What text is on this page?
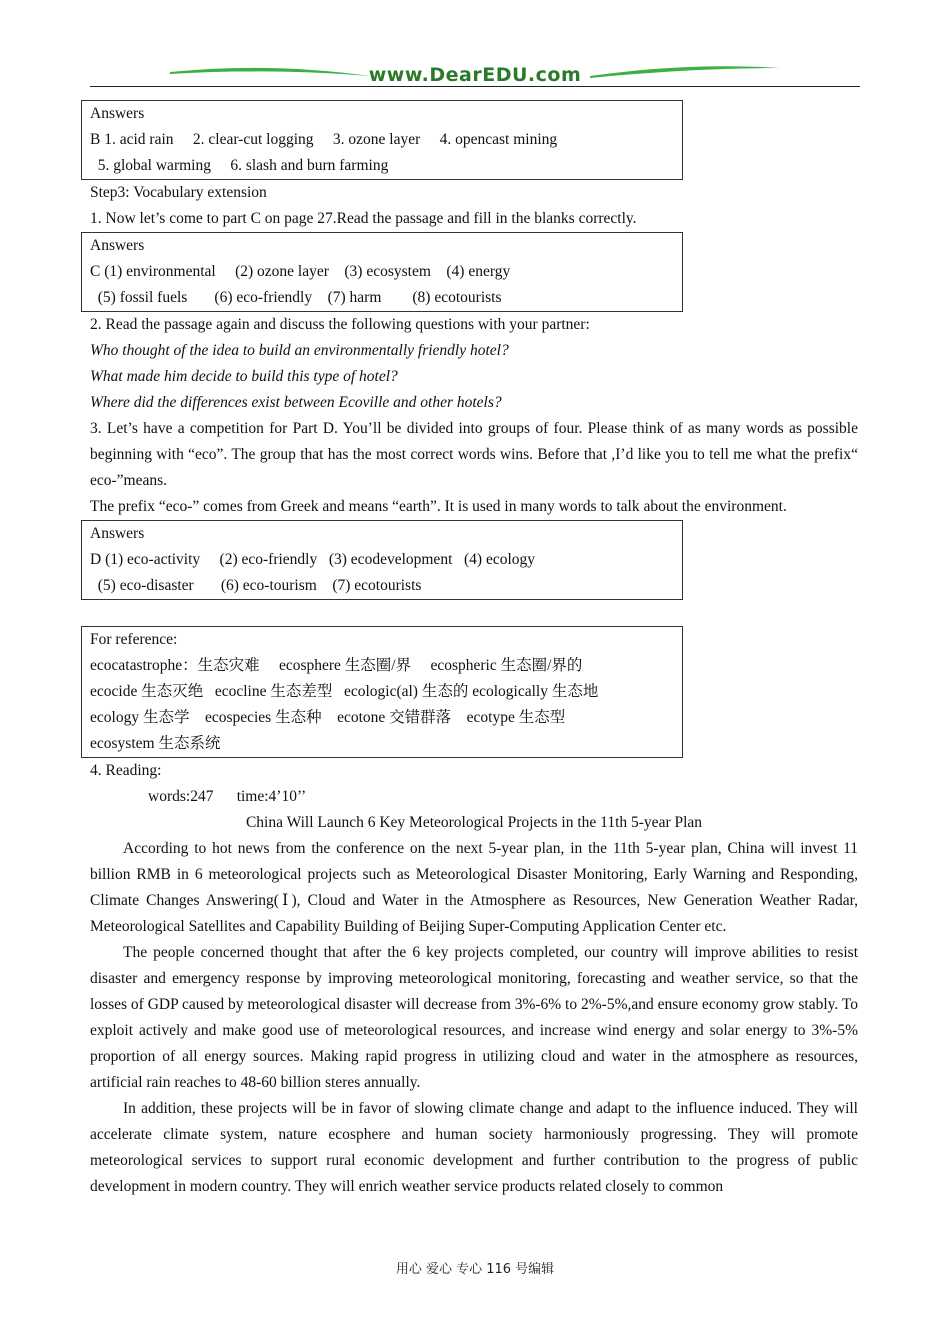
www.DearEDU.com
Answers
B 1. acid rain     2. clear-cut logging     3. ozone layer     4. opencast mining
5. global warming     6. slash and burn farming
Step3: Vocabulary extension
1. Now let’s come to part C on page 27.Read the passage and fill in the blanks correctly.
Answers
C (1) environmental     (2) ozone layer    (3) ecosystem    (4) energy
(5) fossil fuels       (6) eco-friendly    (7) harm        (8) ecotourists
2. Read the passage again and discuss the following questions with your partner:
Who thought of the idea to build an environmentally friendly hotel?
What made him decide to build this type of hotel?
Where did the differences exist between Ecoville and other hotels?
3. Let’s have a competition for Part D. You’ll be divided into groups of four. Please think of as many words as possible beginning with “eco”. The group that has the most correct words wins. Before that ,I’d like you to tell me what the prefix“ eco-”means.
The prefix “eco-” comes from Greek and means “earth”. It is used in many words to talk about the environment.
Answers
D (1) eco-activity     (2) eco-friendly   (3) ecodevelopment   (4) ecology
(5) eco-disaster       (6) eco-tourism    (7) ecotourists
For reference:
ecocatastrophe：生态灾难     ecosphere 生态圈/界     ecospheric 生态圈/界的
ecocide 生态灭绝   ecocline 生态差型   ecologic(al) 生态的 ecologically 生态地
ecology 生态学    ecospecies 生态种    ecotone 交错群落    ecotype 生态型
ecosystem 生态系统
4. Reading:
words:247      time:4’10’’
China Will Launch 6 Key Meteorological Projects in the 11th 5-year Plan
According to hot news from the conference on the next 5-year plan, in the 11th 5-year plan, China will invest 11 billion RMB in 6 meteorological projects such as Meteorological Disaster Monitoring, Early Warning and Responding, Climate Changes Answering(Ⅰ), Cloud and Water in the Atmosphere as Resources, New Generation Weather Radar, Meteorological Satellites and Capability Building of Beijing Super-Computing Application Center etc.
The people concerned thought that after the 6 key projects completed, our country will improve abilities to resist disaster and emergency response by improving meteorological monitoring, forecasting and weather service, so that the losses of GDP caused by meteorological disaster will decrease from 3%-6% to 2%-5%,and ensure economy grow stably. To exploit actively and make good use of meteorological resources, and increase wind energy and solar energy to 3%-5% proportion of all energy sources. Making rapid progress in utilizing cloud and water in the atmosphere as resources, artificial rain reaches to 48-60 billion steres annually.
In addition, these projects will be in favor of slowing climate change and adapt to the influence induced. They will accelerate climate system, nature ecosphere and human society harmoniously progressing. They will promote meteorological services to support rural economic development and further contribution to the progress of public development in modern country. They will enrich weather service products related closely to common
用心 爱心 专心 116 号编辑
